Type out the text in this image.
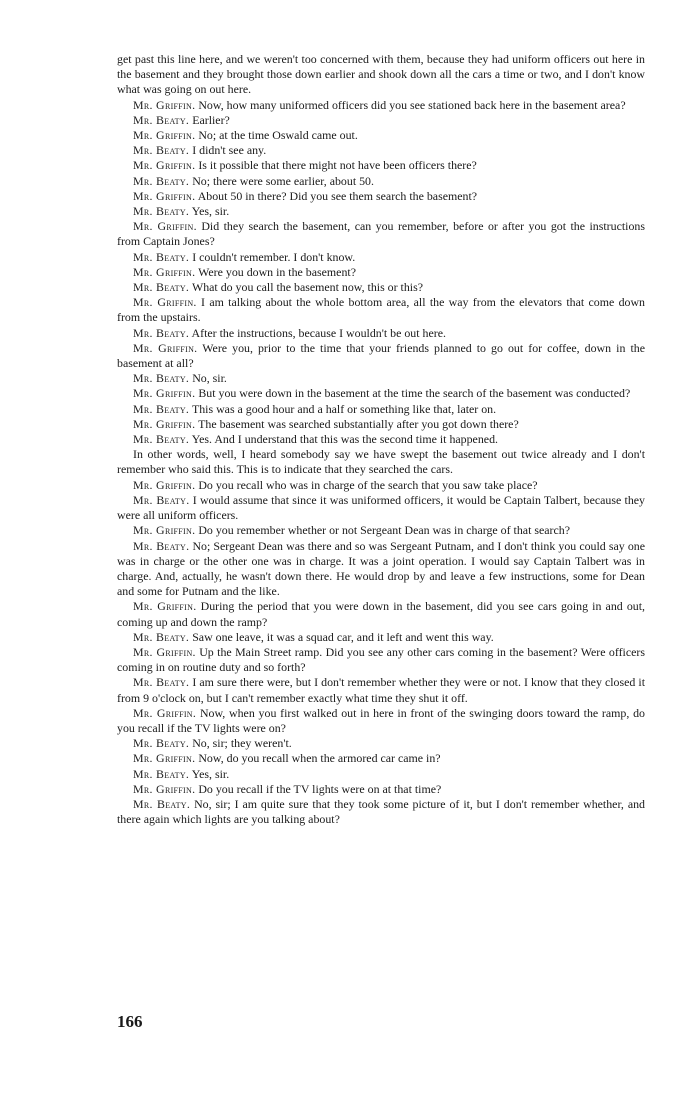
get past this line here, and we weren't too concerned with them, because they had uniform officers out here in the basement and they brought those down earlier and shook down all the cars a time or two, and I don't know what was going on out here.

Mr. Griffin. Now, how many uniformed officers did you see stationed back here in the basement area?

Mr. Beaty. Earlier?

Mr. Griffin. No; at the time Oswald came out.

Mr. Beaty. I didn't see any.

Mr. Griffin. Is it possible that there might not have been officers there?

Mr. Beaty. No; there were some earlier, about 50.

Mr. Griffin. About 50 in there? Did you see them search the basement?

Mr. Beaty. Yes, sir.

Mr. Griffin. Did they search the basement, can you remember, before or after you got the instructions from Captain Jones?

Mr. Beaty. I couldn't remember. I don't know.

Mr. Griffin. Were you down in the basement?

Mr. Beaty. What do you call the basement now, this or this?

Mr. Griffin. I am talking about the whole bottom area, all the way from the elevators that come down from the upstairs.

Mr. Beaty. After the instructions, because I wouldn't be out here.

Mr. Griffin. Were you, prior to the time that your friends planned to go out for coffee, down in the basement at all?

Mr. Beaty. No, sir.

Mr. Griffin. But you were down in the basement at the time the search of the basement was conducted?

Mr. Beaty. This was a good hour and a half or something like that, later on.

Mr. Griffin. The basement was searched substantially after you got down there?

Mr. Beaty. Yes. And I understand that this was the second time it happened.

In other words, well, I heard somebody say we have swept the basement out twice already and I don't remember who said this. This is to indicate that they searched the cars.

Mr. Griffin. Do you recall who was in charge of the search that you saw take place?

Mr. Beaty. I would assume that since it was uniformed officers, it would be Captain Talbert, because they were all uniform officers.

Mr. Griffin. Do you remember whether or not Sergeant Dean was in charge of that search?

Mr. Beaty. No; Sergeant Dean was there and so was Sergeant Putnam, and I don't think you could say one was in charge or the other one was in charge. It was a joint operation. I would say Captain Talbert was in charge. And, actually, he wasn't down there. He would drop by and leave a few instructions, some for Dean and some for Putnam and the like.

Mr. Griffin. During the period that you were down in the basement, did you see cars going in and out, coming up and down the ramp?

Mr. Beaty. Saw one leave, it was a squad car, and it left and went this way.

Mr. Griffin. Up the Main Street ramp. Did you see any other cars coming in the basement? Were officers coming in on routine duty and so forth?

Mr. Beaty. I am sure there were, but I don't remember whether they were or not. I know that they closed it from 9 o'clock on, but I can't remember exactly what time they shut it off.

Mr. Griffin. Now, when you first walked out in here in front of the swinging doors toward the ramp, do you recall if the TV lights were on?

Mr. Beaty. No, sir; they weren't.

Mr. Griffin. Now, do you recall when the armored car came in?

Mr. Beaty. Yes, sir.

Mr. Griffin. Do you recall if the TV lights were on at that time?

Mr. Beaty. No, sir; I am quite sure that they took some picture of it, but I don't remember whether, and there again which lights are you talking about?

166
